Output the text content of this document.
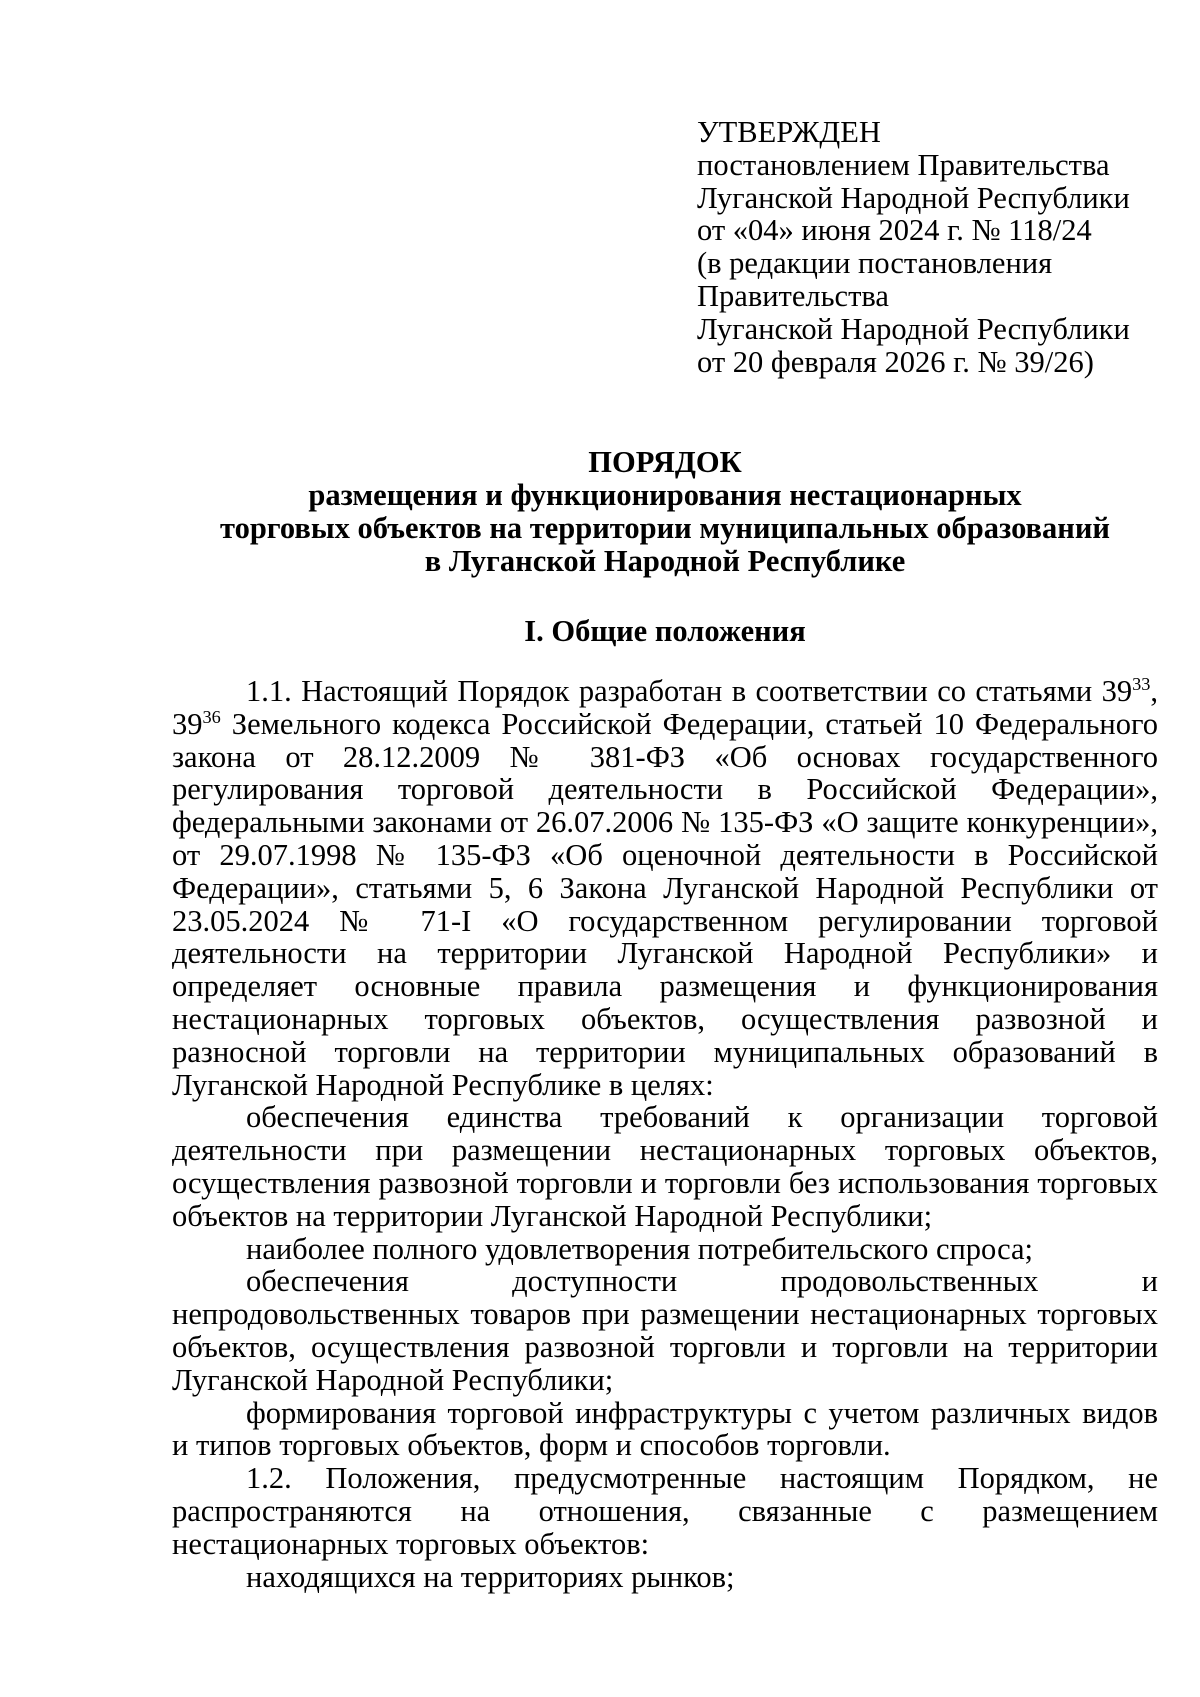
УТВЕРЖДЕН
постановлением Правительства
Луганской Народной Республики
от «04» июня 2024 г. № 118/24
(в редакции постановления
Правительства
Луганской Народной Республики
от 20 февраля 2026 г. № 39/26)
ПОРЯДОК
размещения и функционирования нестационарных
торговых объектов на территории муниципальных образований
в Луганской Народной Республике
I. Общие положения

1.1. Настоящий Порядок разработан в соответствии со статьями $39^{33}$, $39^{36}$ Земельного кодекса Российской Федерации, статьей 10 Федерального закона от 28.12.2009 № 381-ФЗ «Об основах государственного регулирования торговой деятельности в Российской Федерации», федеральными законами от 26.07.2006 № 135-ФЗ «О защите конкуренции», от 29.07.1998 № 135-ФЗ «Об оценочной деятельности в Российской Федерации», статьями 5, 6 Закона Луганской Народной Республики от 23.05.2024 № 71-I «О государственном регулировании торговой деятельности на территории Луганской Народной Республики» и определяет основные правила размещения и функционирования нестационарных торговых объектов, осуществления развозной и разносной торговли на территории муниципальных образований в Луганской Народной Республике в целях:

обеспечения единства требований к организации торговой деятельности при размещении нестационарных торговых объектов, осуществления развозной торговли и торговли без использования торговых объектов на территории Луганской Народной Республики;

наиболее полного удовлетворения потребительского спроса;

обеспечения доступности продовольственных и непродовольственных товаров при размещении нестационарных торговых объектов, осуществления развозной торговли и торговли на территории Луганской Народной Республики;

формирования торговой инфраструктуры с учетом различных видов и типов торговых объектов, форм и способов торговли.

1.2. Положения, предусмотренные настоящим Порядком, не распространяются на отношения, связанные с размещением нестационарных торговых объектов:

находящихся на территориях рынков;
